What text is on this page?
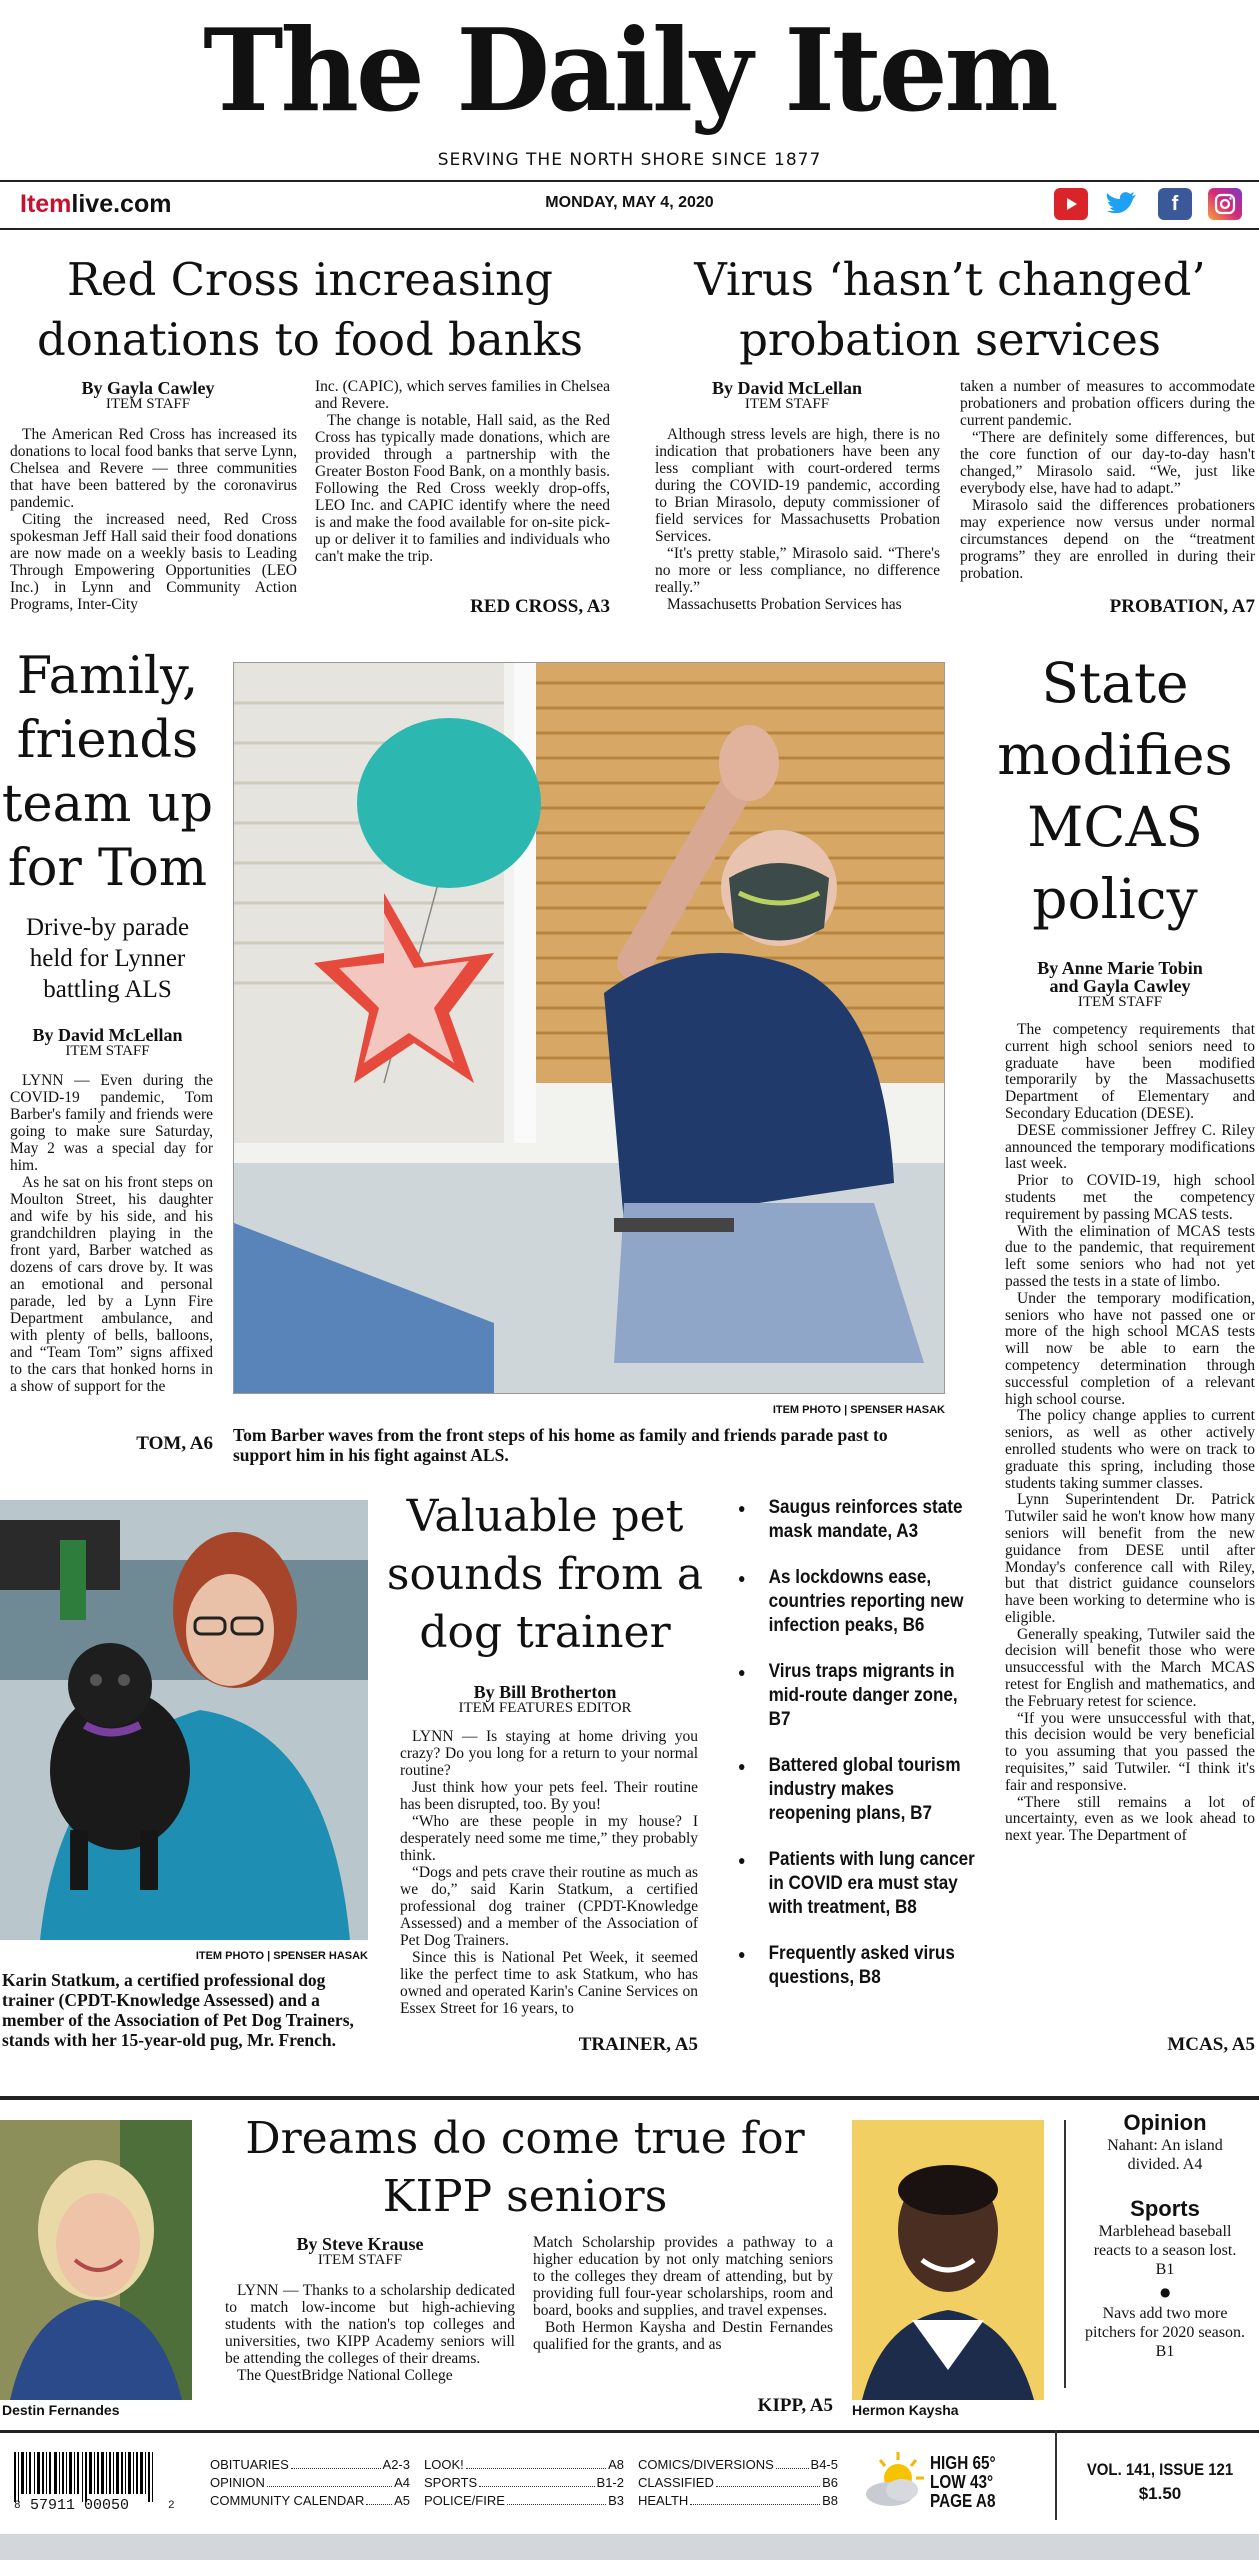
The Daily Item
SERVING THE NORTH SHORE SINCE 1877
Itemlive.com	MONDAY, MAY 4, 2020	f
Red Cross increasing donations to food banks
By Gayla Cawley
ITEM STAFF

The American Red Cross has increased its donations to local food banks that serve Lynn, Chelsea and Revere — three communities that have been battered by the coronavirus pandemic.

Citing the increased need, Red Cross spokesman Jeff Hall said their food donations are now made on a weekly basis to Leading Through Empowering Opportunities (LEO Inc.) in Lynn and Community Action Programs, Inter-City

Inc. (CAPIC), which serves families in Chelsea and Revere.

The change is notable, Hall said, as the Red Cross has typically made donations, which are provided through a partnership with the Greater Boston Food Bank, on a monthly basis. Following the Red Cross weekly drop-offs, LEO Inc. and CAPIC identify where the need is and make the food available for on-site pick-up or deliver it to families and individuals who can't make the trip.

RED CROSS, A3
Virus ‘hasn’t changed’ probation services
By David McLellan
ITEM STAFF

Although stress levels are high, there is no indication that probationers have been any less compliant with court-ordered terms during the COVID-19 pandemic, according to Brian Mirasolo, deputy commissioner of field services for Massachusetts Probation Services.

“It's pretty stable,” Mirasolo said. “There's no more or less compliance, no difference really.”

Massachusetts Probation Services has

taken a number of measures to accommodate probationers and probation officers during the current pandemic.

“There are definitely some differences, but the core function of our day-to-day hasn't changed,” Mirasolo said. “We, just like everybody else, have had to adapt.”

Mirasolo said the differences probationers may experience now versus under normal circumstances depend on the “treatment programs” they are enrolled in during their probation.

PROBATION, A7
Family, friends team up for Tom
Drive-by parade held for Lynner battling ALS
By David McLellan
ITEM STAFF

LYNN — Even during the COVID-19 pandemic, Tom Barber's family and friends were going to make sure Saturday, May 2 was a special day for him.

As he sat on his front steps on Moulton Street, his daughter and wife by his side, and his grandchildren playing in the front yard, Barber watched as dozens of cars drove by. It was an emotional and personal parade, led by a Lynn Fire Department ambulance, and with plenty of bells, balloons, and “Team Tom” signs affixed to the cars that honked horns in a show of support for the

TOM, A6
ITEM PHOTO | SPENSER HASAK
Tom Barber waves from the front steps of his home as family and friends parade past to support him in his fight against ALS.
State modifies MCAS policy
By Anne Marie Tobin
and Gayla Cawley
ITEM STAFF

The competency requirements that current high school seniors need to graduate have been modified temporarily by the Massachusetts Department of Elementary and Secondary Education (DESE).

DESE commissioner Jeffrey C. Riley announced the temporary modifications last week.

Prior to COVID-19, high school students met the competency requirement by passing MCAS tests.

With the elimination of MCAS tests due to the pandemic, that requirement left some seniors who had not yet passed the tests in a state of limbo.

Under the temporary modification, seniors who have not passed one or more of the high school MCAS tests will now be able to earn the competency determination through successful completion of a relevant high school course.

The policy change applies to current seniors, as well as other actively enrolled students who were on track to graduate this spring, including those students taking summer classes.

Lynn Superintendent Dr. Patrick Tutwiler said he won't know how many seniors will benefit from the new guidance from DESE until after Monday's conference call with Riley, but that district guidance counselors have been working to determine who is eligible.

Generally speaking, Tutwiler said the decision will benefit those who were unsuccessful with the March MCAS retest for English and mathematics, and the February retest for science.

“If you were unsuccessful with that, this decision would be very beneficial to you assuming that you passed the requisites,” said Tutwiler. “I think it's fair and responsive.

“There still remains a lot of uncertainty, even as we look ahead to next year. The Department of

MCAS, A5
ITEM PHOTO | SPENSER HASAK
Karin Statkum, a certified professional dog trainer (CPDT-Knowledge Assessed) and a member of the Association of Pet Dog Trainers, stands with her 15-year-old pug, Mr. French.
Valuable pet sounds from a dog trainer
By Bill Brotherton
ITEM FEATURES EDITOR

LYNN — Is staying at home driving you crazy? Do you long for a return to your normal routine?

Just think how your pets feel. Their routine has been disrupted, too. By you!

“Who are these people in my house? I desperately need some me time,” they probably think.

“Dogs and pets crave their routine as much as we do,” said Karin Statkum, a certified professional dog trainer (CPDT-Knowledge Assessed) and a member of the Association of Pet Dog Trainers.

Since this is National Pet Week, it seemed like the perfect time to ask Statkum, who has owned and operated Karin's Canine Services on Essex Street for 16 years, to

TRAINER, A5
● Saugus reinforces state mask mandate, A3
● As lockdowns ease, countries reporting new infection peaks, B6
● Virus traps migrants in mid-route danger zone, B7
● Battered global tourism industry makes reopening plans, B7
● Patients with lung cancer in COVID era must stay with treatment, B8
● Frequently asked virus questions, B8
Destin Fernandes
Dreams do come true for KIPP seniors
By Steve Krause
ITEM STAFF

LYNN — Thanks to a scholarship dedicated to match low-income but high-achieving students with the nation's top colleges and universities, two KIPP Academy seniors will be attending the colleges of their dreams.

The QuestBridge National College

Match Scholarship provides a pathway to a higher education by not only matching seniors to the colleges they dream of attending, but by providing full four-year scholarships, room and board, books and supplies, and travel expenses.

Both Hermon Kaysha and Destin Fernandes qualified for the grants, and as

KIPP, A5 Hermon Kaysha
Opinion
Nahant: An island divided. A4
Sports
Marblehead baseball reacts to a season lost. B1
●
Navs add two more pitchers for 2020 season. B1
8 57911 00050	2
OBITUARIES	A2-3
OPINION	A4
COMMUNITY CALENDAR A5
LOOK!	A8
SPORTS	B1-2
POLICE/FIRE	B3
COMICS/DIVERSIONS	B4-5
CLASSIFIED	B6
HEALTH	B8
HIGH 65°
LOW 43°
PAGE A8
VOL. 141, ISSUE 121
$1.50
